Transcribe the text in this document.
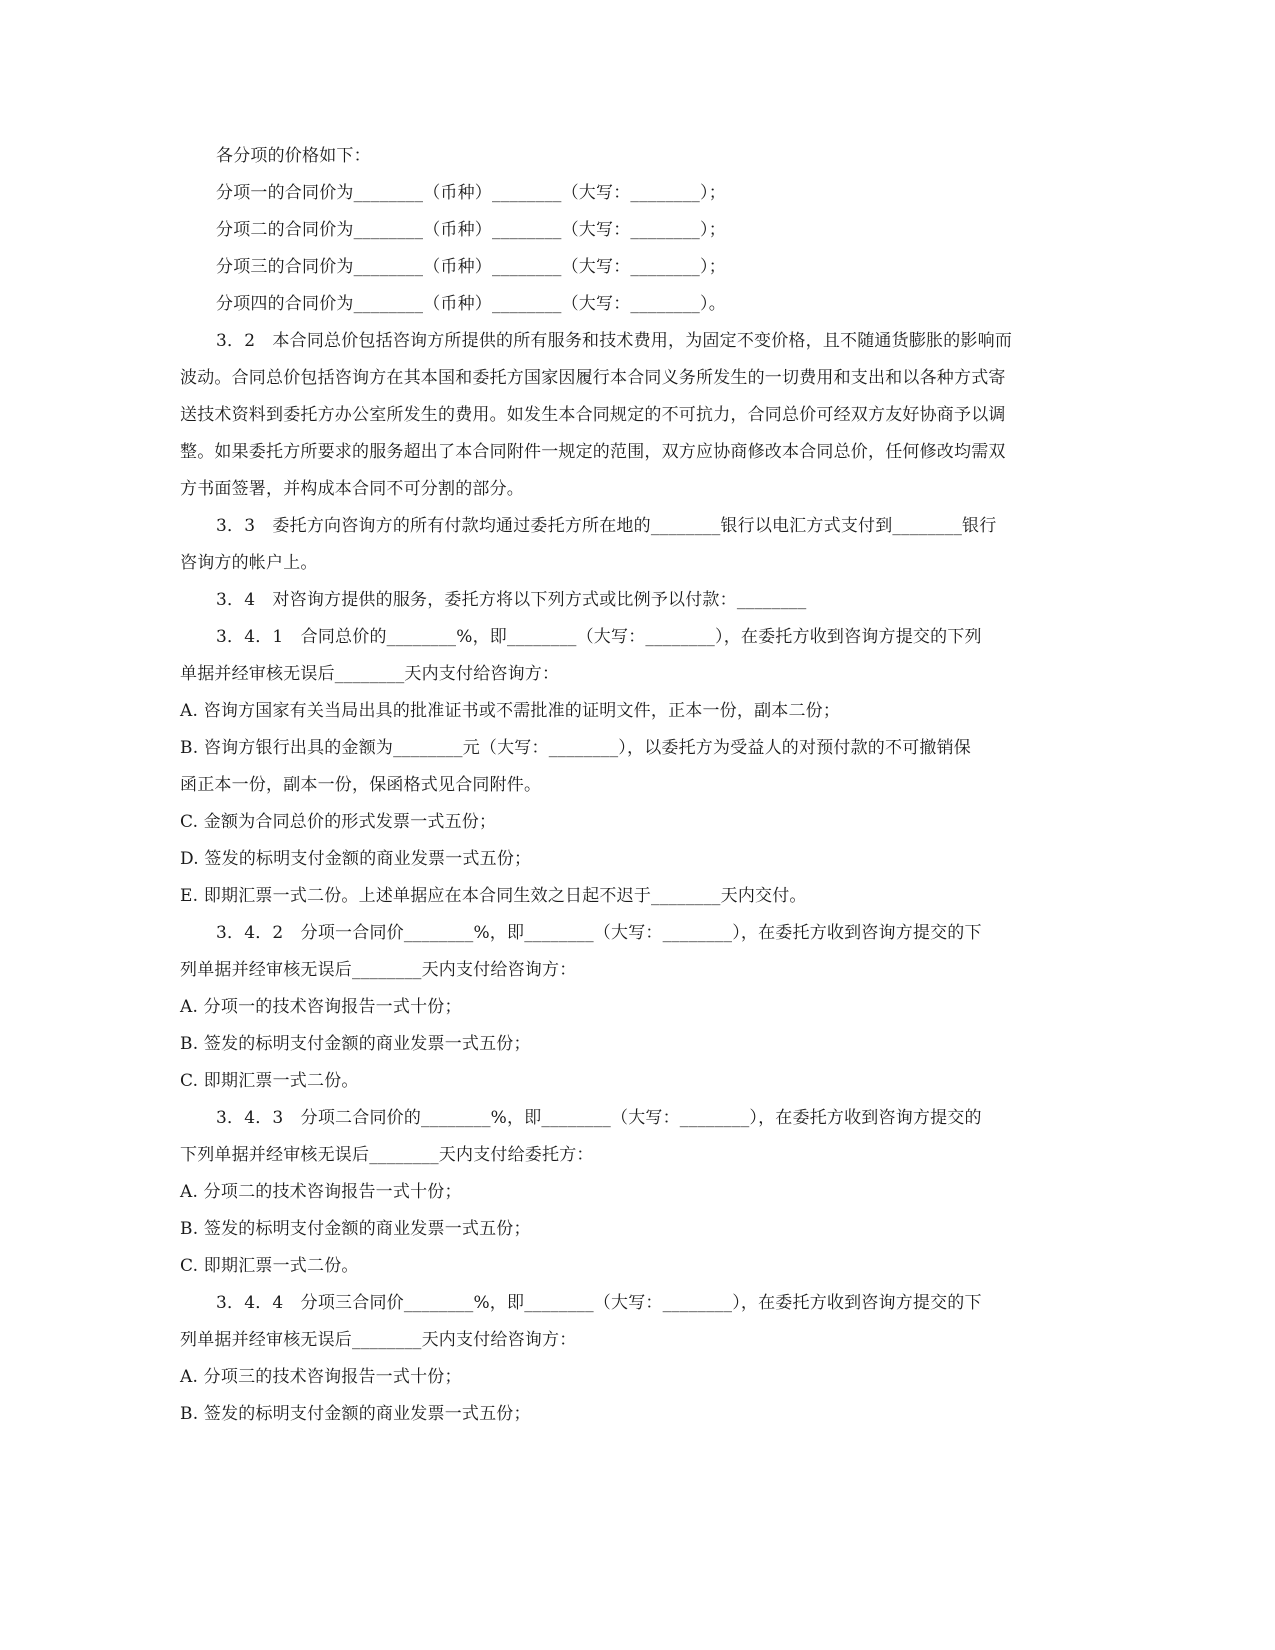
各分项的价格如下：
分项一的合同价为________（币种）________（大写：________）；
分项二的合同价为________（币种）________（大写：________）；
分项三的合同价为________（币种）________（大写：________）；
分项四的合同价为________（币种）________（大写：________）。
3．2　本合同总价包括咨询方所提供的所有服务和技术费用，为固定不变价格，且不随通货膨胀的影响而
波动。合同总价包括咨询方在其本国和委托方国家因履行本合同义务所发生的一切费用和支出和以各种方式寄
送技术资料到委托方办公室所发生的费用。如发生本合同规定的不可抗力，合同总价可经双方友好协商予以调
整。如果委托方所要求的服务超出了本合同附件一规定的范围，双方应协商修改本合同总价，任何修改均需双
方书面签署，并构成本合同不可分割的部分。
3．3　委托方向咨询方的所有付款均通过委托方所在地的________银行以电汇方式支付到________银行
咨询方的帐户上。
3．4　对咨询方提供的服务，委托方将以下列方式或比例予以付款：________
3．4．1　合同总价的________%，即________（大写：________），在委托方收到咨询方提交的下列
单据并经审核无误后________天内支付给咨询方：
A. 咨询方国家有关当局出具的批准证书或不需批准的证明文件，正本一份，副本二份；
B. 咨询方银行出具的金额为________元（大写：________），以委托方为受益人的对预付款的不可撤销保
函正本一份，副本一份，保函格式见合同附件。
C. 金额为合同总价的形式发票一式五份；
D. 签发的标明支付金额的商业发票一式五份；
E. 即期汇票一式二份。上述单据应在本合同生效之日起不迟于________天内交付。
3．4．2　分项一合同价________%，即________（大写：________），在委托方收到咨询方提交的下
列单据并经审核无误后________天内支付给咨询方：
A. 分项一的技术咨询报告一式十份；
B. 签发的标明支付金额的商业发票一式五份；
C. 即期汇票一式二份。
3．4．3　分项二合同价的________%，即________（大写：________），在委托方收到咨询方提交的
下列单据并经审核无误后________天内支付给委托方：
A. 分项二的技术咨询报告一式十份；
B. 签发的标明支付金额的商业发票一式五份；
C. 即期汇票一式二份。
3．4．4　分项三合同价________%，即________（大写：________），在委托方收到咨询方提交的下
列单据并经审核无误后________天内支付给咨询方：
A. 分项三的技术咨询报告一式十份；
B. 签发的标明支付金额的商业发票一式五份；
